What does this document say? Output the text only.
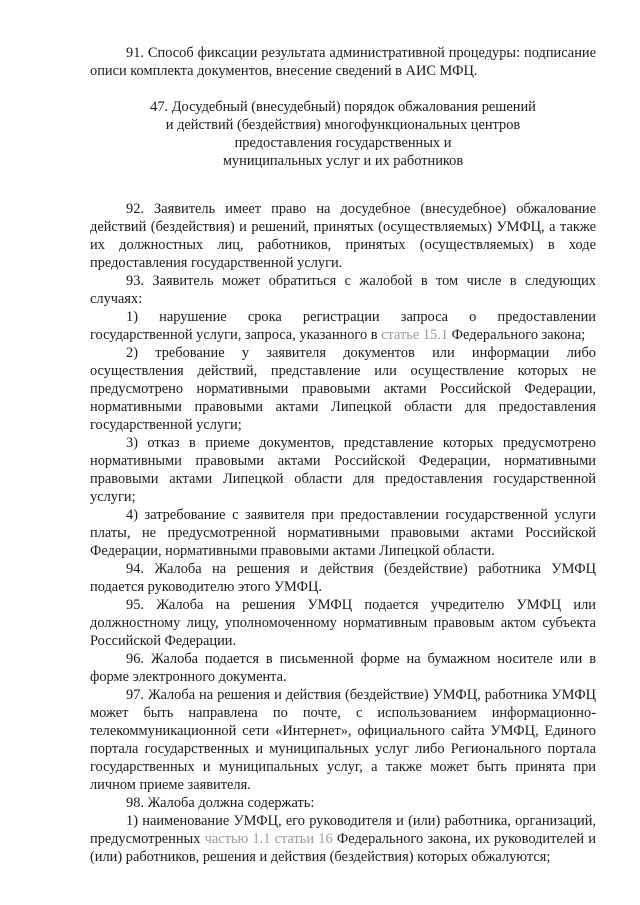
91. Способ фиксации результата административной процедуры: подписание описи комплекта документов, внесение сведений в АИС МФЦ.

47. Досудебный (внесудебный) порядок обжалования решений
и действий (бездействия) многофункциональных центров
предоставления государственных и
муниципальных услуг и их работников

92. Заявитель имеет право на досудебное (внесудебное) обжалование действий (бездействия) и решений, принятых (осуществляемых) УМФЦ, а также их должностных лиц, работников, принятых (осуществляемых) в ходе предоставления государственной услуги.

93. Заявитель может обратиться с жалобой в том числе в следующих случаях:

1) нарушение срока регистрации запроса о предоставлении государственной услуги, запроса, указанного в статье 15.1 Федерального закона;

2) требование у заявителя документов или информации либо осуществления действий, представление или осуществление которых не предусмотрено нормативными правовыми актами Российской Федерации, нормативными правовыми актами Липецкой области для предоставления государственной услуги;

3) отказ в приеме документов, представление которых предусмотрено нормативными правовыми актами Российской Федерации, нормативными правовыми актами Липецкой области для предоставления государственной услуги;

4) затребование с заявителя при предоставлении государственной услуги платы, не предусмотренной нормативными правовыми актами Российской Федерации, нормативными правовыми актами Липецкой области.

94. Жалоба на решения и действия (бездействие) работника УМФЦ подается руководителю этого УМФЦ.

95. Жалоба на решения УМФЦ подается учредителю УМФЦ или должностному лицу, уполномоченному нормативным правовым актом субъекта Российской Федерации.

96. Жалоба подается в письменной форме на бумажном носителе или в форме электронного документа.

97. Жалоба на решения и действия (бездействие) УМФЦ, работника УМФЦ может быть направлена по почте, с использованием информационно-телекоммуникационной сети «Интернет», официального сайта УМФЦ, Единого портала государственных и муниципальных услуг либо Регионального портала государственных и муниципальных услуг, а также может быть принята при личном приеме заявителя.

98. Жалоба должна содержать:

1) наименование УМФЦ, его руководителя и (или) работника, организаций, предусмотренных частью 1.1 статьи 16 Федерального закона, их руководителей и (или) работников, решения и действия (бездействия) которых обжалуются;
